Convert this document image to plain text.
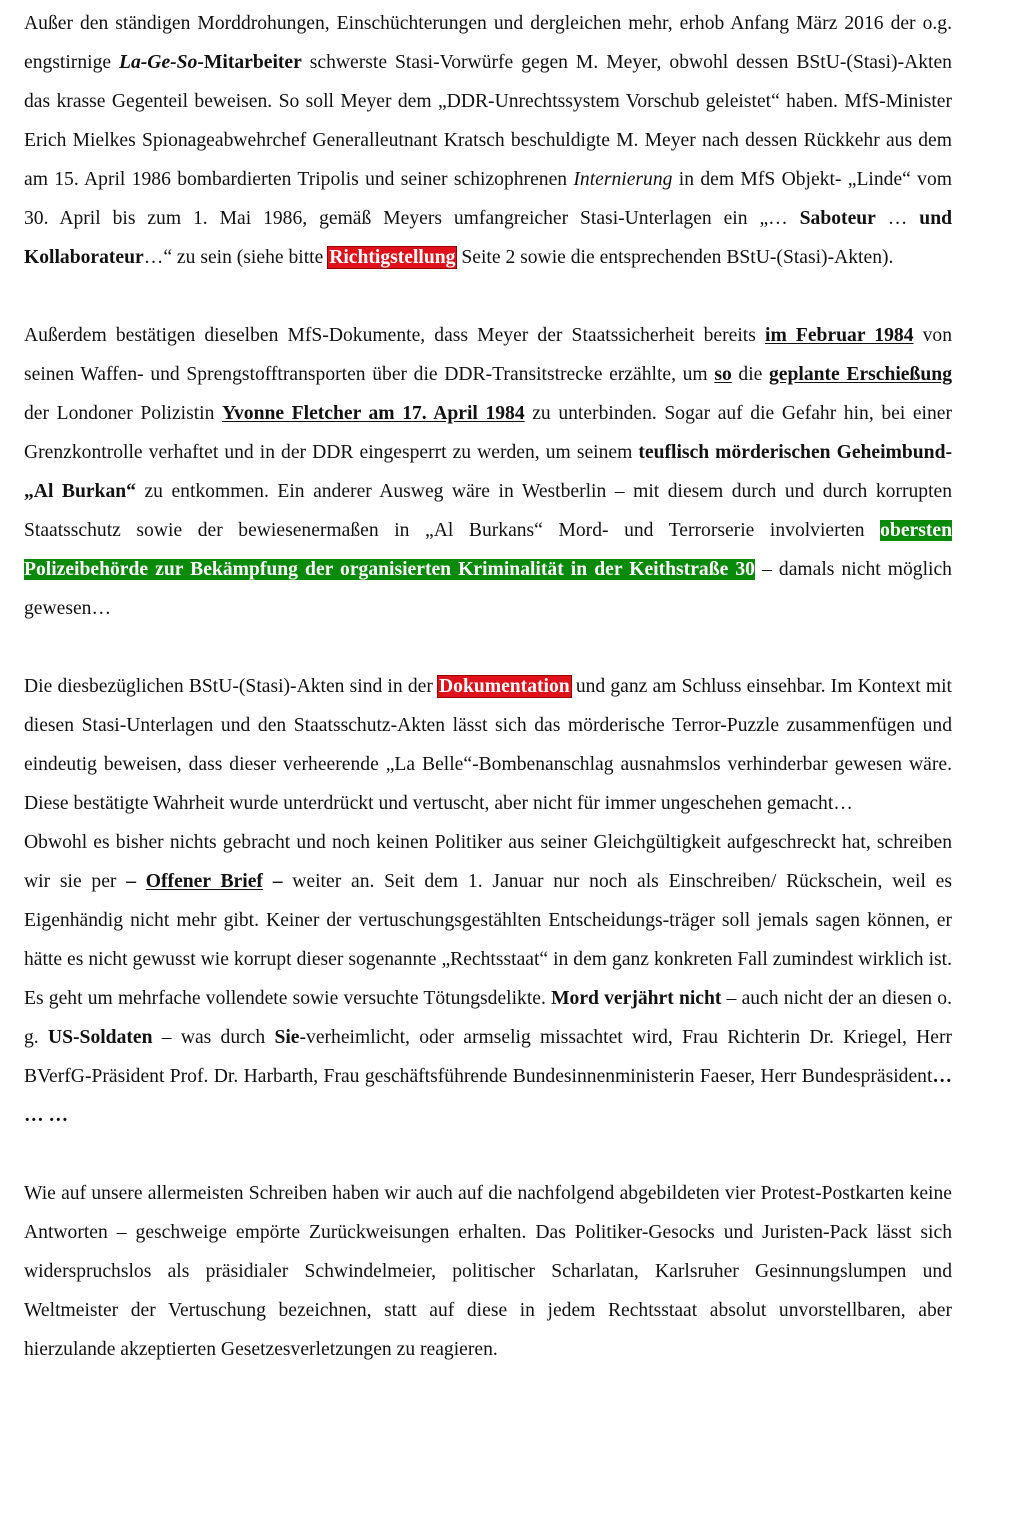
Außer den ständigen Morddrohungen, Einschüchterungen und dergleichen mehr, erhob Anfang März 2016 der o.g. engstirnige La-Ge-So-Mitarbeiter schwerste Stasi-Vorwürfe gegen M. Meyer, obwohl dessen BStU-(Stasi)-Akten das krasse Gegenteil beweisen. So soll Meyer dem „DDR-Unrechtssystem Vorschub geleistet“ haben. MfS-Minister Erich Mielkes Spionageabwehrchef Generalleutnant Kratsch beschuldigte M. Meyer nach dessen Rückkehr aus dem am 15. April 1986 bombardierten Tripolis und seiner schizophrenen Internierung in dem MfS Objekt- „Linde“ vom 30. April bis zum 1. Mai 1986, gemäß Meyers umfangreicher Stasi-Unterlagen ein „… Saboteur … und Kollaborateur…“ zu sein (siehe bitte Richtigstellung Seite 2 sowie die entsprechenden BStU-(Stasi)-Akten).

Außerdem bestätigen dieselben MfS-Dokumente, dass Meyer der Staatssicherheit bereits im Februar 1984 von seinen Waffen- und Sprengstofftransporten über die DDR-Transitstrecke erzählte, um so die geplante Erschießung der Londoner Polizistin Yvonne Fletcher am 17. April 1984 zu unterbinden. Sogar auf die Gefahr hin, bei einer Grenzkontrolle verhaftet und in der DDR eingesperrt zu werden, um seinem teuflisch mörderischen Geheimbund- „Al Burkan“ zu entkommen. Ein anderer Ausweg wäre in Westberlin – mit diesem durch und durch korrupten Staatsschutz sowie der bewiesenermaßen in „Al Burkans“ Mord- und Terrorserie involvierten obersten Polizeibehörde zur Bekämpfung der organisierten Kriminalität in der Keithstraße 30 – damals nicht möglich gewesen…

Die diesbezüglichen BStU-(Stasi)-Akten sind in der Dokumentation und ganz am Schluss einsehbar. Im Kontext mit diesen Stasi-Unterlagen und den Staatsschutz-Akten lässt sich das mörderische Terror-Puzzle zusammenfügen und eindeutig beweisen, dass dieser verheerende „La Belle“-Bombenanschlag ausnahmslos verhinderbar gewesen wäre. Diese bestätigte Wahrheit wurde unterdrückt und vertuscht, aber nicht für immer ungeschehen gemacht…

Obwohl es bisher nichts gebracht und noch keinen Politiker aus seiner Gleichgültigkeit aufgeschreckt hat, schreiben wir sie per – Offener Brief – weiter an. Seit dem 1. Januar nur noch als Einschreiben/ Rückschein, weil es Eigenhändig nicht mehr gibt. Keiner der vertuschungsgestählten Entscheidungs-träger soll jemals sagen können, er hätte es nicht gewusst wie korrupt dieser sogenannte „Rechtsstaat“ in dem ganz konkreten Fall zumindest wirklich ist. Es geht um mehrfache vollendete sowie versuchte Tötungsdelikte. Mord verjährt nicht – auch nicht der an diesen o. g. US-Soldaten – was durch Sie-verheimlicht, oder armselig missachtet wird, Frau Richterin Dr. Kriegel, Herr BVerfG-Präsident Prof. Dr. Harbarth, Frau geschäftsführende Bundesinnenministerin Faeser, Herr Bundespräsident… … …

Wie auf unsere allermeisten Schreiben haben wir auch auf die nachfolgend abgebildeten vier Protest-Postkarten keine Antworten – geschweige empörte Zurückweisungen erhalten. Das Politiker-Gesocks und Juristen-Pack lässt sich widerspruchslos als präsidialer Schwindelmeier, politischer Scharlatan, Karlsruher Gesinnungslumpen und Weltmeister der Vertuschung bezeichnen, statt auf diese in jedem Rechtsstaat absolut unvorstellbaren, aber hierzulande akzeptierten Gesetzesverletzungen zu reagieren.
